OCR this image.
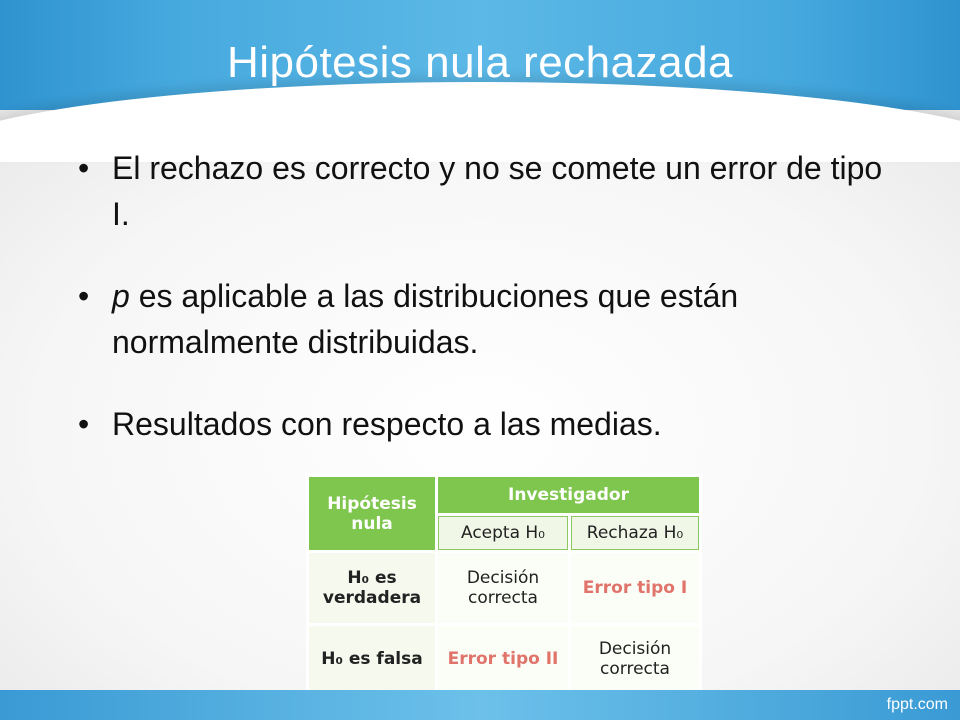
Hipótesis nula rechazada
• El rechazo es correcto y no se comete un error de tipo I.
• p es aplicable a las distribuciones que están normalmente distribuidas.
• Resultados con respecto a las medias.
Hipótesis nula	Investigador	
	Acepta H₀	Rechaza H₀
H₀ es verdadera	Decisión correcta	Error tipo I
H₀ es falsa	Error tipo II	Decisión correcta
fppt.com
